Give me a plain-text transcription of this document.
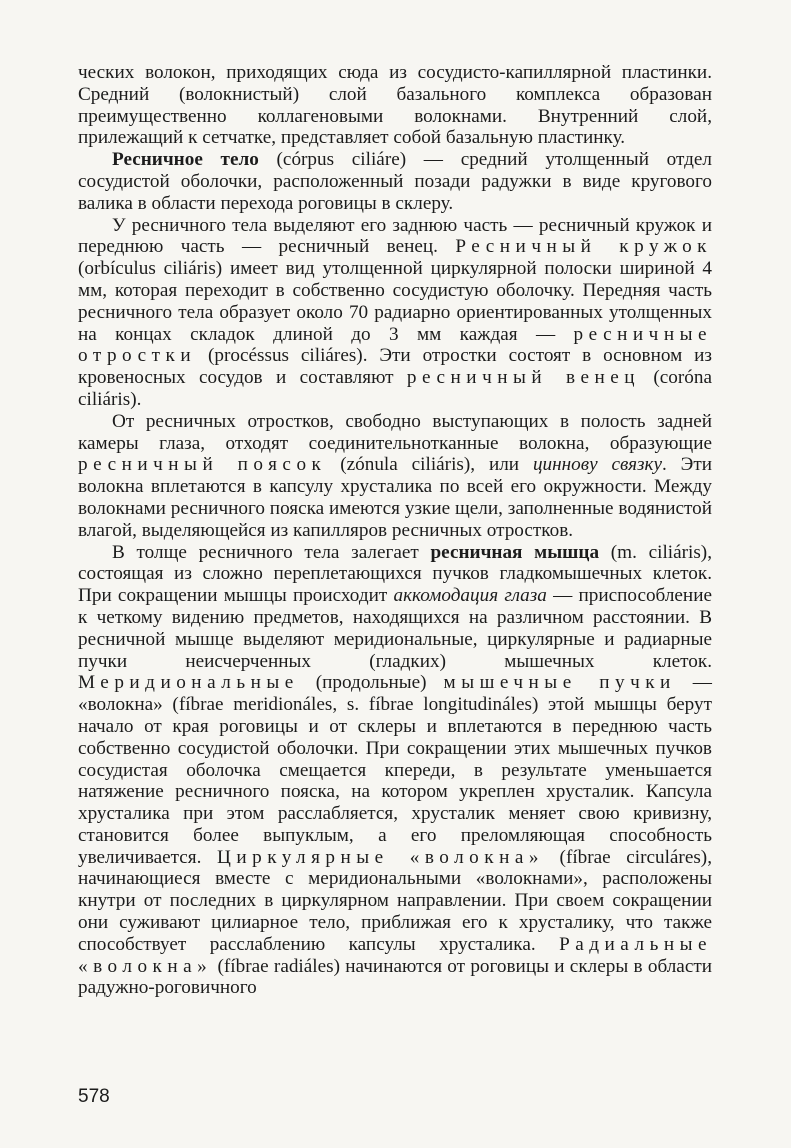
ческих волокон, приходящих сюда из сосудисто-капиллярной пластинки. Средний (волокнистый) слой базального комплекса образован преимущественно коллагеновыми волокнами. Внутренний слой, прилежащий к сетчатке, представляет собой базальную пластинку.

Ресничное тело (córpus ciliáre) — средний утолщенный отдел сосудистой оболочки, расположенный позади радужки в виде кругового валика в области перехода роговицы в склеру.

У ресничного тела выделяют его заднюю часть — ресничный кружок и переднюю часть — ресничный венец. Ресничный кружок (orbículus ciliáris) имеет вид утолщенной циркулярной полоски шириной 4 мм, которая переходит в собственно сосудистую оболочку. Передняя часть ресничного тела образует около 70 радиарно ориентированных утолщенных на концах складок длиной до 3 мм каждая — ресничные отростки (procéssus ciliáres). Эти отростки состоят в основном из кровеносных сосудов и составляют ресничный венец (coróna ciliáris).

От ресничных отростков, свободно выступающих в полость задней камеры глаза, отходят соединительнотканные волокна, образующие ресничный поясок (zónula ciliáris), или циннову связку. Эти волокна вплетаются в капсулу хрусталика по всей его окружности. Между волокнами ресничного пояска имеются узкие щели, заполненные водянистой влагой, выделяющейся из капилляров ресничных отростков.

В толще ресничного тела залегает ресничная мышца (m. ciliáris), состоящая из сложно переплетающихся пучков гладкомышечных клеток. При сокращении мышцы происходит аккомодация глаза — приспособление к четкому видению предметов, находящихся на различном расстоянии. В ресничной мышце выделяют меридиональные, циркулярные и радиарные пучки неисчерченных (гладких) мышечных клеток. Меридиональные (продольные) мышечные пучки — «волокна» (fíbrae meridionáles, s. fíbrae longitudináles) этой мышцы берут начало от края роговицы и от склеры и вплетаются в переднюю часть собственно сосудистой оболочки. При сокращении этих мышечных пучков сосудистая оболочка смещается кпереди, в результате уменьшается натяжение ресничного пояска, на котором укреплен хрусталик. Капсула хрусталика при этом расслабляется, хрусталик меняет свою кривизну, становится более выпуклым, а его преломляющая способность увеличивается. Циркулярные «волокна» (fíbrae circuláres), начинающиеся вместе с меридиональными «волокнами», расположены кнутри от последних в циркулярном направлении. При своем сокращении они суживают цилиарное тело, приближая его к хрусталику, что также способствует расслаблению капсулы хрусталика. Радиальные «волокна» (fíbrae radiáles) начинаются от роговицы и склеры в области радужно-роговичного

578
